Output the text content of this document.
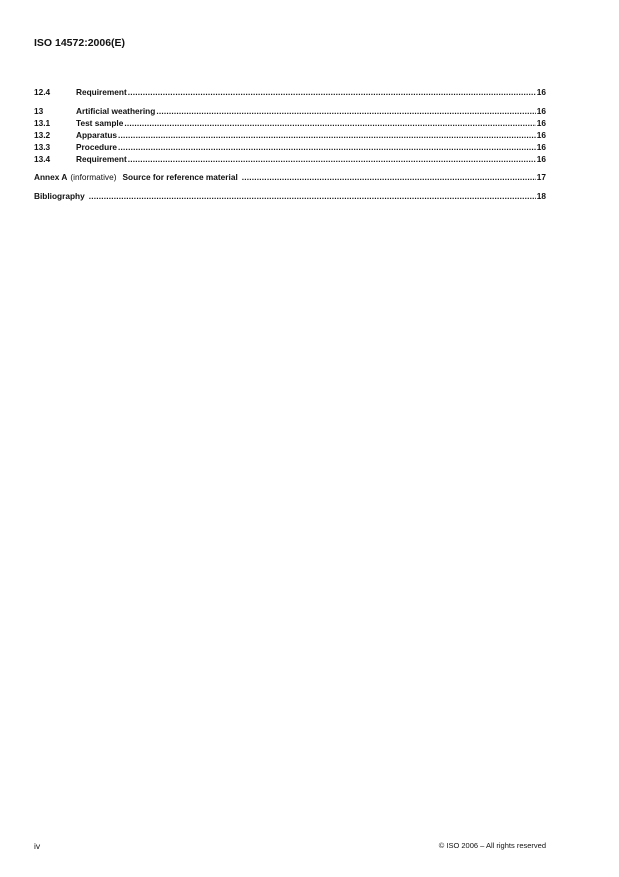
ISO 14572:2006(E)
12.4	Requirement .....	16
13	Artificial weathering .....	16
13.1	Test sample .....	16
13.2	Apparatus .....	16
13.3	Procedure .....	16
13.4	Requirement .....	16
Annex A (informative) Source for reference material .....	17
Bibliography .....	18
iv	© ISO 2006 – All rights reserved
